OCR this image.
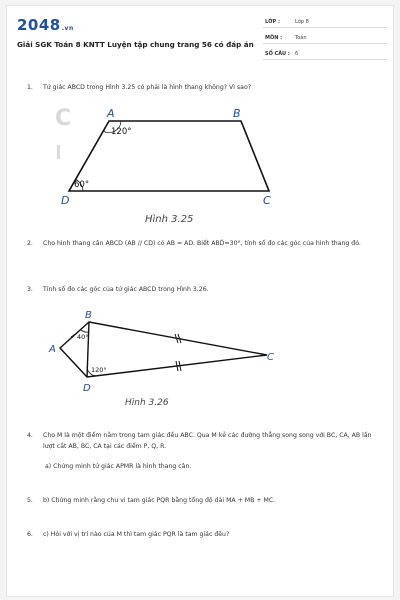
2048.vn
Giải SGK Toán 8 KNTT Luyện tập chung trang 56 có đáp án
LỚP :	Lớp 8
MÔN :	Toán
SỐ CÂU : 6
1. Tứ giác ABCD trong Hình 3.25 có phải là hình thang không? Vì sao?
C	A	B
C
D
120°
60°
Hình 3.25
2. Cho hình thang cân ABCD (AB // CD) có AB = AD. Biết ABD̂=30°, tính số đo các góc của hình thang đó.
3. Tính số đo các góc của tứ giác ABCD trong Hình 3.26.
A
B
C
D
40°
120°
Hình 3.26
4. Cho M là một điểm nằm trong tam giác đều ABC. Qua M kẻ các đường thẳng song song với BC, CA, AB lần lượt cắt AB, BC, CA tại các điểm P, Q, R.
a) Chứng minh tứ giác APMR là hình thang cân.
5. b) Chứng minh rằng chu vi tam giác PQR bằng tổng độ dài MA + MB + MC.
6. c) Hỏi với vị trí nào của M thì tam giác PQR là tam giác đều?
